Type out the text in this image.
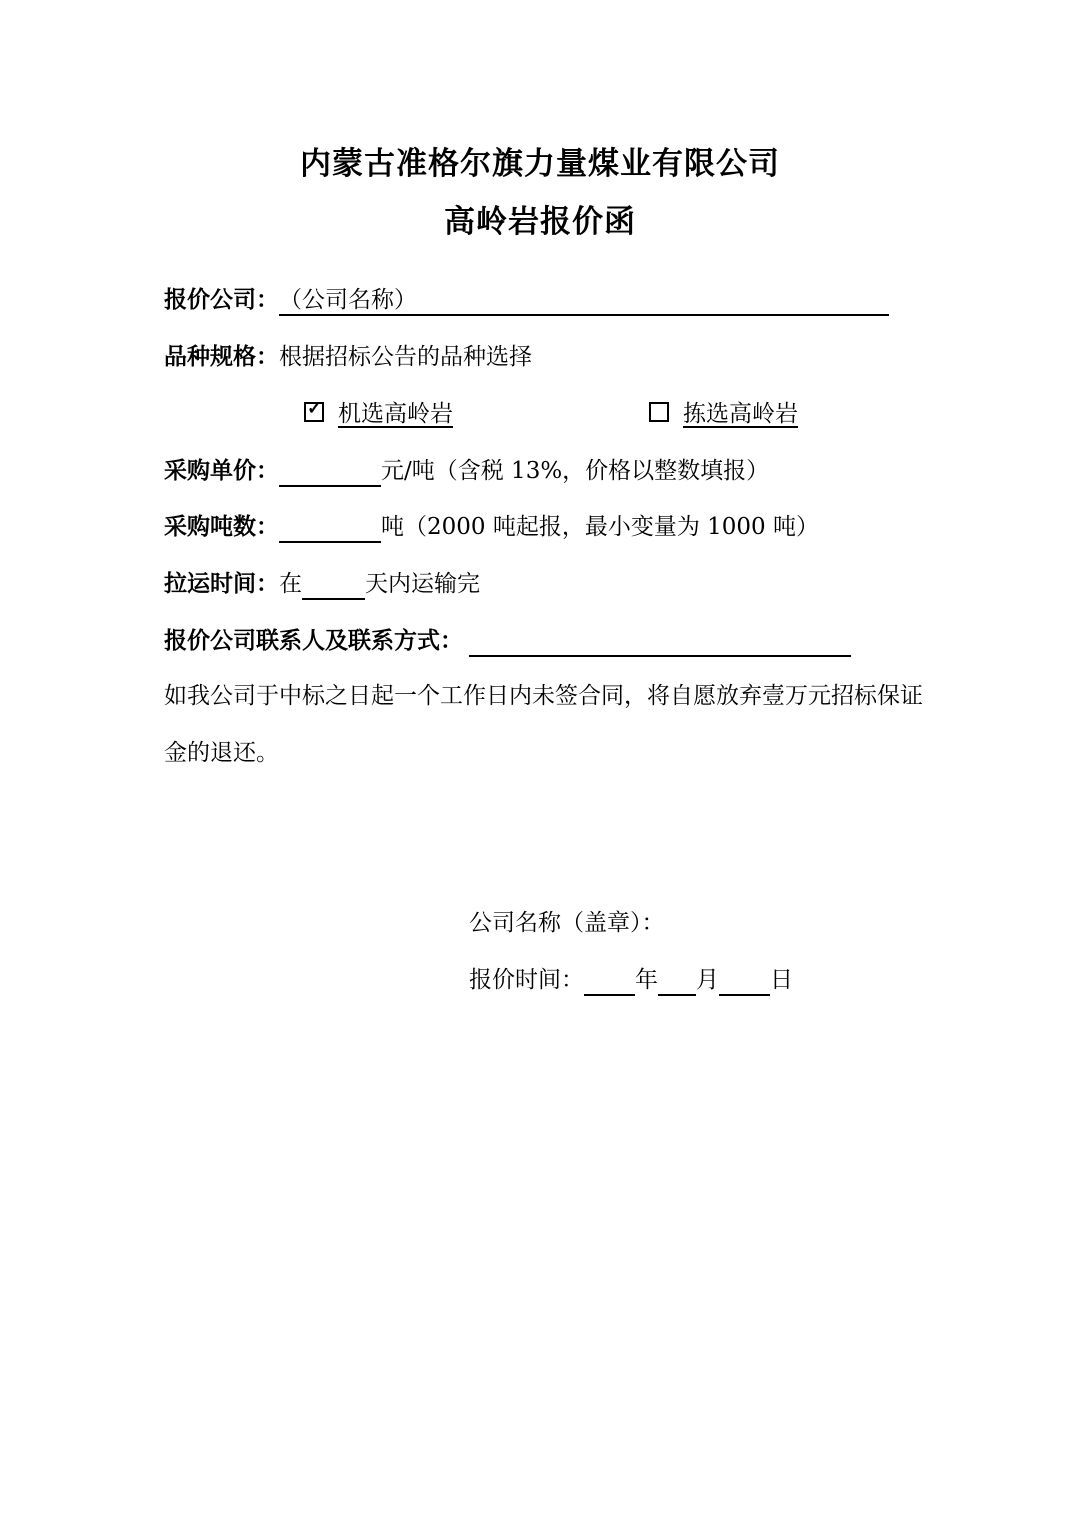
内蒙古准格尔旗力量煤业有限公司
高岭岩报价函
报价公司： （公司名称）
品种规格：根据招标公告的品种选择
✓ 机选高岭岩	拣选高岭岩
采购单价：	元/吨（含税 13%，价格以整数填报）
采购吨数：	吨（2000 吨起报，最小变量为 1000 吨）
拉运时间：在	天内运输完
报价公司联系人及联系方式：
如我公司于中标之日起一个工作日内未签合同，将自愿放弃壹万元招标保证金的退还。
公司名称（盖章）：
报价时间： 年 月 日
